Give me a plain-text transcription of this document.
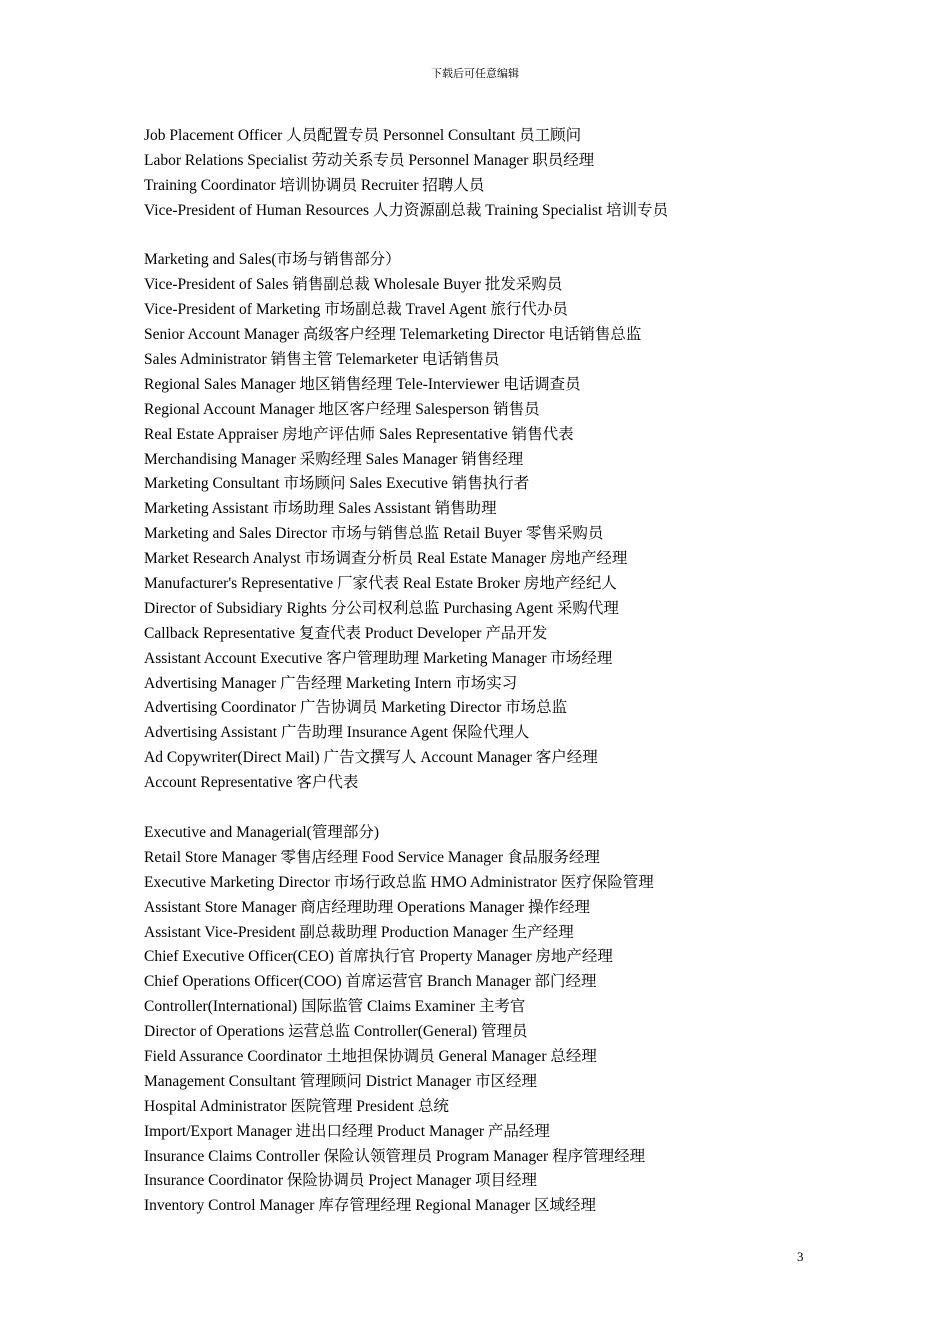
下载后可任意编辑
Job Placement Officer 人员配置专员 Personnel Consultant 员工顾问
Labor Relations Specialist 劳动关系专员 Personnel Manager 职员经理
Training Coordinator 培训协调员 Recruiter 招聘人员
Vice-President of Human Resources 人力资源副总裁 Training Specialist 培训专员
Marketing and Sales(市场与销售部分）
Vice-President of Sales 销售副总裁 Wholesale Buyer 批发采购员
Vice-President of Marketing 市场副总裁 Travel Agent 旅行代办员
Senior Account Manager 高级客户经理 Telemarketing Director 电话销售总监
Sales Administrator 销售主管 Telemarketer 电话销售员
Regional Sales Manager 地区销售经理 Tele-Interviewer 电话调查员
Regional Account Manager 地区客户经理 Salesperson 销售员
Real Estate Appraiser 房地产评估师 Sales Representative 销售代表
Merchandising Manager 采购经理 Sales Manager 销售经理
Marketing Consultant 市场顾问 Sales Executive 销售执行者
Marketing Assistant 市场助理 Sales Assistant 销售助理
Marketing and Sales Director 市场与销售总监 Retail Buyer 零售采购员
Market Research Analyst 市场调查分析员 Real Estate Manager 房地产经理
Manufacturer's Representative 厂家代表 Real Estate Broker 房地产经纪人
Director of Subsidiary Rights 分公司权利总监 Purchasing Agent 采购代理
Callback Representative 复查代表 Product Developer 产品开发
Assistant Account Executive 客户管理助理 Marketing Manager 市场经理
Advertising Manager 广告经理 Marketing Intern 市场实习
Advertising Coordinator 广告协调员 Marketing Director 市场总监
Advertising Assistant 广告助理 Insurance Agent 保险代理人
Ad Copywriter(Direct Mail) 广告文撰写人 Account Manager 客户经理
Account Representative 客户代表
Executive and Managerial(管理部分)
Retail Store Manager 零售店经理 Food Service Manager 食品服务经理
Executive Marketing Director 市场行政总监 HMO Administrator 医疗保险管理
Assistant Store Manager 商店经理助理 Operations Manager 操作经理
Assistant Vice-President 副总裁助理 Production Manager 生产经理
Chief Executive Officer(CEO) 首席执行官 Property Manager 房地产经理
Chief Operations Officer(COO) 首席运营官 Branch Manager 部门经理
Controller(International) 国际监管 Claims Examiner 主考官
Director of Operations 运营总监 Controller(General) 管理员
Field Assurance Coordinator 土地担保协调员 General Manager 总经理
Management Consultant 管理顾问 District Manager 市区经理
Hospital Administrator 医院管理 President 总统
Import/Export Manager 进出口经理 Product Manager 产品经理
Insurance Claims Controller 保险认领管理员 Program Manager 程序管理经理
Insurance Coordinator 保险协调员 Project Manager 项目经理
Inventory Control Manager 库存管理经理 Regional Manager 区域经理
3
